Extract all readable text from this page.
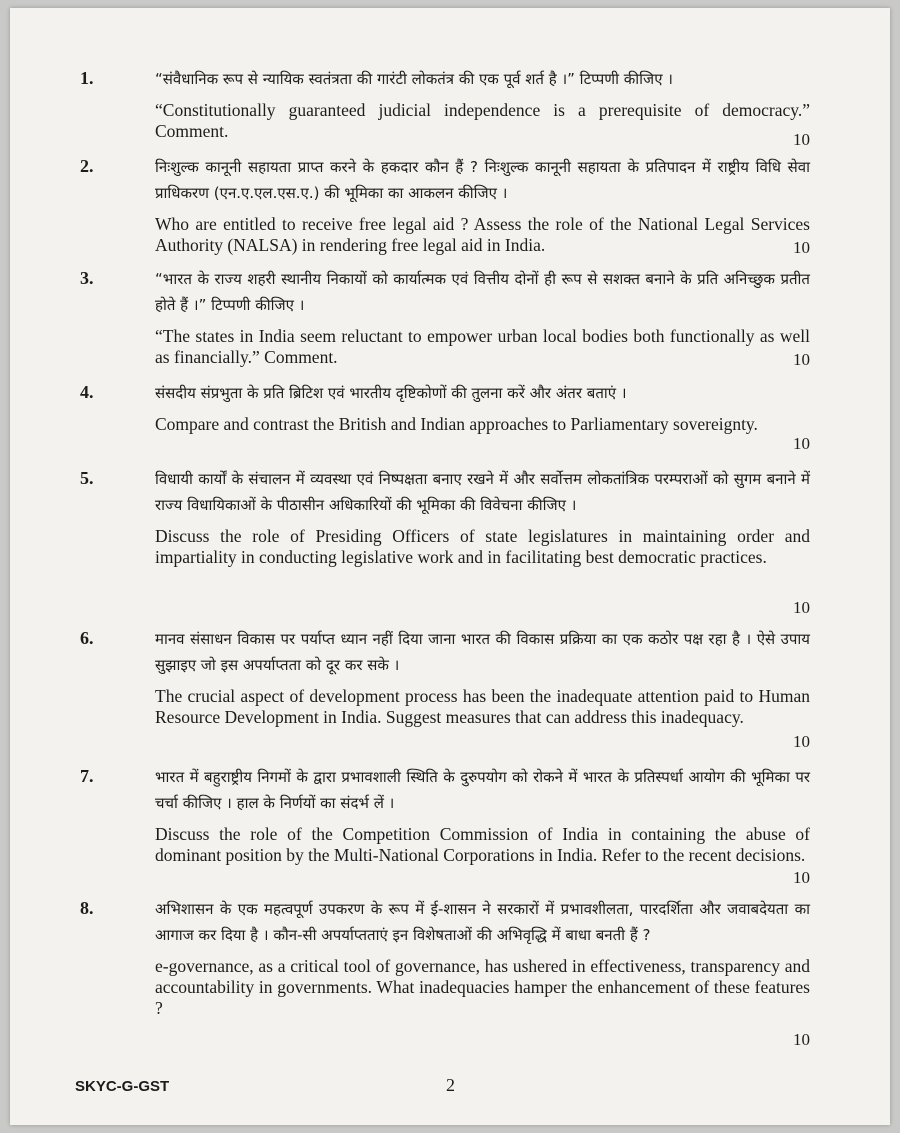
1.	“संवैधानिक रूप से न्यायिक स्वतंत्रता की गारंटी लोकतंत्र की एक पूर्व शर्त है ।” टिप्पणी कीजिए ।

“Constitutionally guaranteed judicial independence is a prerequisite of democracy.” Comment.	10
2.	निःशुल्क कानूनी सहायता प्राप्त करने के हकदार कौन हैं ? निःशुल्क कानूनी सहायता के प्रतिपादन में राष्ट्रीय विधि सेवा प्राधिकरण (एन.ए.एल.एस.ए.) की भूमिका का आकलन कीजिए ।

Who are entitled to receive free legal aid ? Assess the role of the National Legal Services Authority (NALSA) in rendering free legal aid in India.	10
3.	“भारत के राज्य शहरी स्थानीय निकायों को कार्यात्मक एवं वित्तीय दोनों ही रूप से सशक्त बनाने के प्रति अनिच्छुक प्रतीत होते हैं ।” टिप्पणी कीजिए ।

“The states in India seem reluctant to empower urban local bodies both functionally as well as financially.” Comment.	10
4.	संसदीय संप्रभुता के प्रति ब्रिटिश एवं भारतीय दृष्टिकोणों की तुलना करें और अंतर बताएं ।

Compare and contrast the British and Indian approaches to Parliamentary sovereignty.

10
5.	विधायी कार्यों के संचालन में व्यवस्था एवं निष्पक्षता बनाए रखने में और सर्वोत्तम लोकतांत्रिक परम्पराओं को सुगम बनाने में राज्य विधायिकाओं के पीठासीन अधिकारियों की भूमिका की विवेचना कीजिए ।

Discuss the role of Presiding Officers of state legislatures in maintaining order and impartiality in conducting legislative work and in facilitating best democratic practices.

10
6.	मानव संसाधन विकास पर पर्याप्त ध्यान नहीं दिया जाना भारत की विकास प्रक्रिया का एक कठोर पक्ष रहा है । ऐसे उपाय सुझाइए जो इस अपर्याप्तता को दूर कर सके ।

The crucial aspect of development process has been the inadequate attention paid to Human Resource Development in India. Suggest measures that can address this inadequacy.

10
7.	भारत में बहुराष्ट्रीय निगमों के द्वारा प्रभावशाली स्थिति के दुरुपयोग को रोकने में भारत के प्रतिस्पर्धा आयोग की भूमिका पर चर्चा कीजिए । हाल के निर्णयों का संदर्भ लें ।

Discuss the role of the Competition Commission of India in containing the abuse of dominant position by the Multi-National Corporations in India. Refer to the recent decisions.

10
8.	अभिशासन के एक महत्वपूर्ण उपकरण के रूप में ई-शासन ने सरकारों में प्रभावशीलता, पारदर्शिता और जवाबदेयता का आगाज कर दिया है । कौन-सी अपर्याप्तताएं इन विशेषताओं की अभिवृद्धि में बाधा बनती हैं ?

e-governance, as a critical tool of governance, has ushered in effectiveness, transparency and accountability in governments. What inadequacies hamper the enhancement of these features ?

10
SKYC-G-GST	2
